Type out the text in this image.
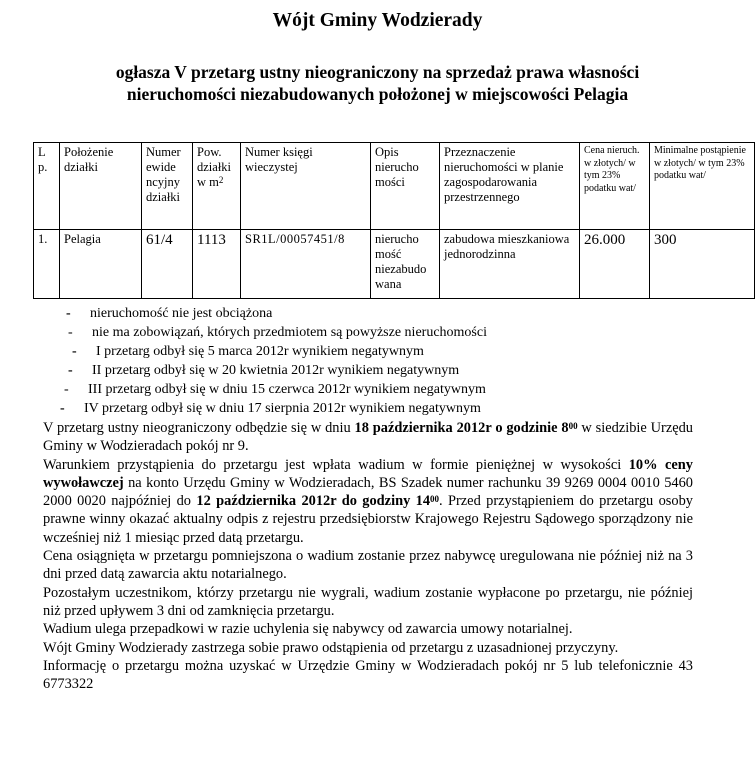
Wójt Gminy Wodzierady
ogłasza V przetarg ustny nieograniczony na sprzedaż prawa własności
nieruchomości niezabudowanych położonej w miejscowości Pelagia
L p.	Położenie działki	Numer ewide ncyjny działki	Pow. działki w $m^2$	Numer księgi wieczystej	Opis nierucho mości	Przeznaczenie nieruchomości w planie zagospodarowania przestrzennego	Cena nieruch. w złotych/ w tym 23% podatku wat/	Minimalne postąpienie w złotych/ w tym 23% podatku wat/
1.	Pelagia	61/4	1113	SR1L/00057451/8	nierucho mość niezabudo wana	zabudowa mieszkaniowa jednorodzinna	26.000	300
- nieruchomość nie jest obciążona
- nie ma zobowiązań, których przedmiotem są powyższe nieruchomości
- I przetarg odbył się 5 marca 2012r wynikiem negatywnym
- II przetarg odbył się w 20 kwietnia 2012r wynikiem negatywnym
- III przetarg odbył się w dniu 15 czerwca 2012r wynikiem negatywnym
- IV przetarg odbył się w dniu 17 sierpnia 2012r wynikiem negatywnym

V przetarg ustny nieograniczony odbędzie się w dniu 18 października 2012r o godzinie $8^{00}$ w siedzibie Urzędu Gminy w Wodzieradach pokój nr 9.

Warunkiem przystąpienia do przetargu jest wpłata wadium w formie pieniężnej w wysokości 10% ceny wywoławczej na konto Urzędu Gminy w Wodzieradach, BS Szadek numer rachunku 39 9269 0004 0010 5460 2000 0020 najpóźniej do 12 października 2012r do godziny $14^{00}$. Przed przystąpieniem do przetargu osoby prawne winny okazać aktualny odpis z rejestru przedsiębiorstw Krajowego Rejestru Sądowego sporządzony nie wcześniej niż 1 miesiąc przed datą przetargu.

Cena osiągnięta w przetargu pomniejszona o wadium zostanie przez nabywcę uregulowana nie później niż na 3 dni przed datą zawarcia aktu notarialnego.

Pozostałym uczestnikom, którzy przetargu nie wygrali, wadium zostanie wypłacone po przetargu, nie później niż przed upływem 3 dni od zamknięcia przetargu.

Wadium ulega przepadkowi w razie uchylenia się nabywcy od zawarcia umowy notarialnej.

Wójt Gminy Wodzierady zastrzega sobie prawo odstąpienia od przetargu z uzasadnionej przyczyny.

Informację o przetargu można uzyskać w Urzędzie Gminy w Wodzieradach pokój nr 5 lub telefonicznie 43 6773322
